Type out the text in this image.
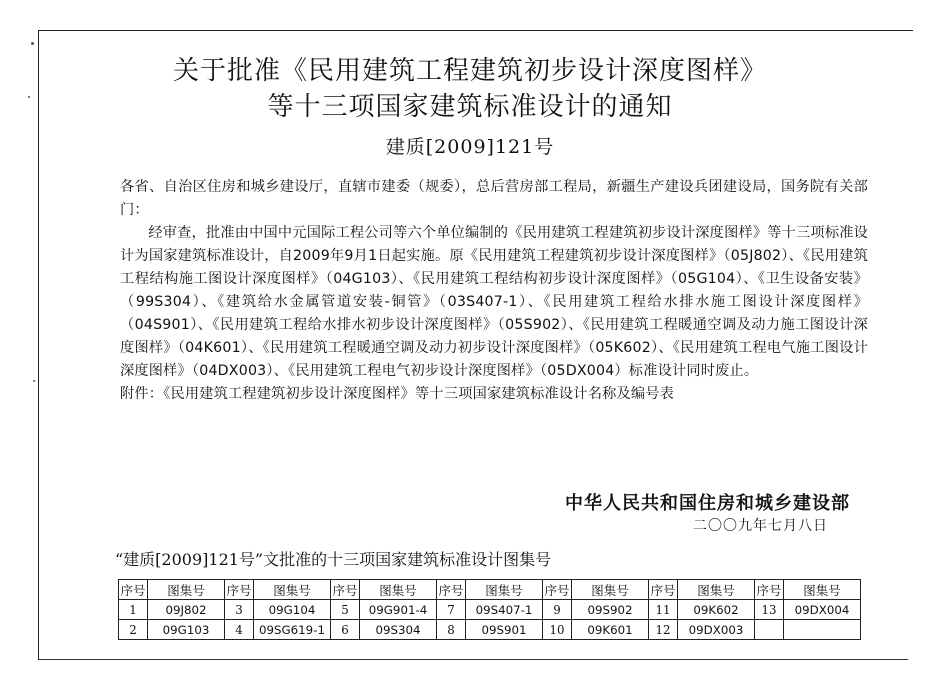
关于批准《民用建筑工程建筑初步设计深度图样》
等十三项国家建筑标准设计的通知
建质[2009]121号

各省、自治区住房和城乡建设厅，直辖市建委（规委），总后营房部工程局，新疆生产建设兵团建设局，国务院有关部门：

经审查，批准由中国中元国际工程公司等六个单位编制的《民用建筑工程建筑初步设计深度图样》等十三项标准设计为国家建筑标准设计，自2009年9月1日起实施。原《民用建筑工程建筑初步设计深度图样》（05J802）、《民用建筑工程结构施工图设计深度图样》（04G103）、《民用建筑工程结构初步设计深度图样》（05G104）、《卫生设备安装》（99S304）、《建筑给水金属管道安装-铜管》（03S407-1）、《民用建筑工程给水排水施工图设计深度图样》（04S901）、《民用建筑工程给水排水初步设计深度图样》（05S902）、《民用建筑工程暖通空调及动力施工图设计深度图样》（04K601）、《民用建筑工程暖通空调及动力初步设计深度图样》（05K602）、《民用建筑工程电气施工图设计深度图样》（04DX003）、《民用建筑工程电气初步设计深度图样》（05DX004）标准设计同时废止。

附件：《民用建筑工程建筑初步设计深度图样》等十三项国家建筑标准设计名称及编号表

中华人民共和国住房和城乡建设部
二〇〇九年七月八日
“建质[2009]121号”文批准的十三项国家建筑标准设计图集号
序号	图集号	序号	图集号	序号	图集号	序号	图集号	序号	图集号	序号	图集号	序号	图集号
1	09J802	3	09G104	5	09G901-4	7	09S407-1	9	09S902	11	09K602	13	09DX004
2	09G103	4	09SG619-1	6	09S304	8	09S901	10	09K601	12	09DX003		
